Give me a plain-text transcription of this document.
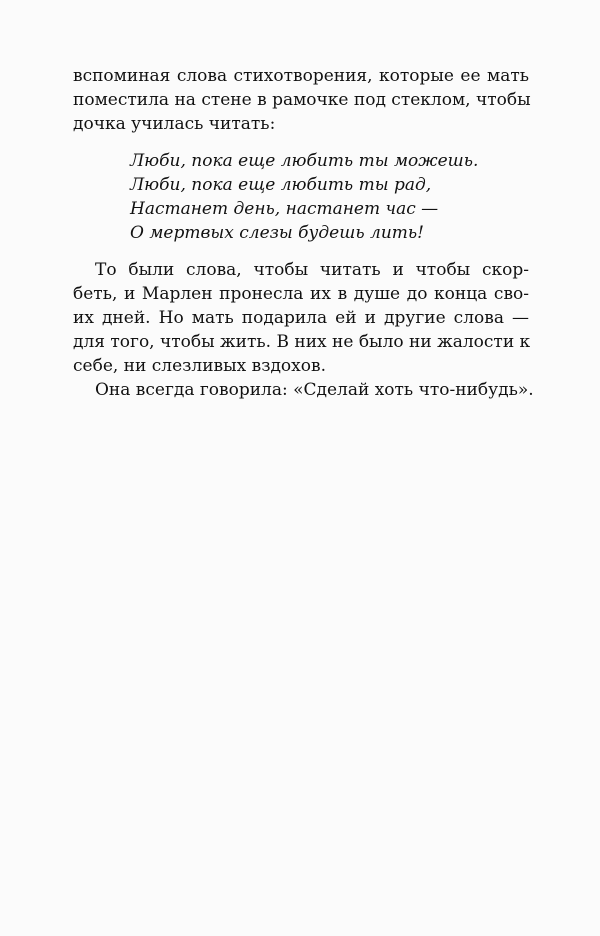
вспоминая слова стихотворения, которые ее мать
поместила на стене в рамочке под стеклом, чтобы
дочка училась читать:
Люби, пока еще любить ты можешь.
Люби, пока еще любить ты рад,
Настанет день, настанет час —
О мертвых слезы будешь лить!
То были слова, чтобы читать и чтобы скор-
беть, и Марлен пронесла их в душе до конца сво-
их дней. Но мать подарила ей и другие слова —
для того, чтобы жить. В них не было ни жалости к
себе, ни слезливых вздохов.
Она всегда говорила: «Сделай хоть что-нибудь».
